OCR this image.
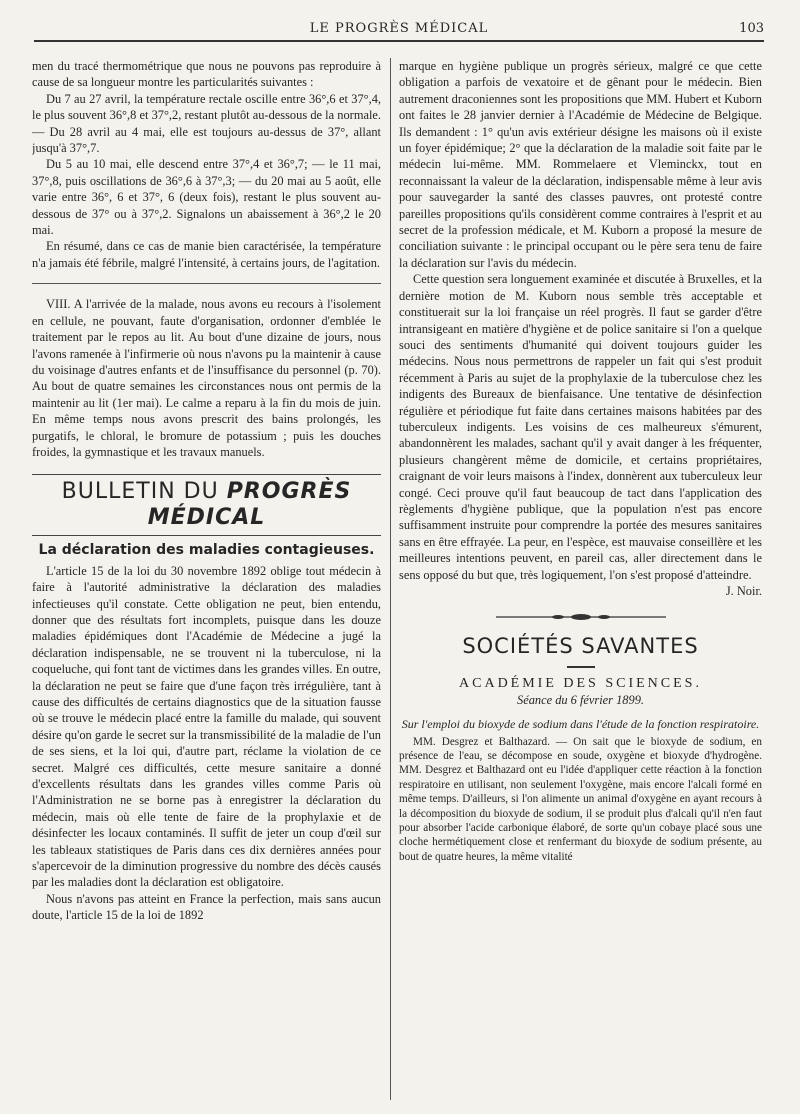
LE PROGRÈS MÉDICAL	103

men du tracé thermométrique que nous ne pouvons pas reproduire à cause de sa longueur montre les particularités suivantes :

Du 7 au 27 avril, la température rectale oscille entre 36°,6 et 37°,4, le plus souvent 36°,8 et 37°,2, restant plutôt au-dessous de la normale. — Du 28 avril au 4 mai, elle est toujours au-dessus de 37°, allant jusqu'à 37°,7.

Du 5 au 10 mai, elle descend entre 37°,4 et 36°,7; — le 11 mai, 37°,8, puis oscillations de 36°,6 à 37°,3; — du 20 mai au 5 août, elle varie entre 36°, 6 et 37°, 6 (deux fois), restant le plus souvent au-dessous de 37° ou à 37°,2. Signalons un abaissement à 36°,2 le 20 mai.

En résumé, dans ce cas de manie bien caractérisée, la température n'a jamais été fébrile, malgré l'intensité, à certains jours, de l'agitation.

VIII. A l'arrivée de la malade, nous avons eu recours à l'isolement en cellule, ne pouvant, faute d'organisation, ordonner d'emblée le traitement par le repos au lit. Au bout d'une dizaine de jours, nous l'avons ramenée à l'infirmerie où nous n'avons pu la maintenir à cause du voisinage d'autres enfants et de l'insuffisance du personnel (p. 70). Au bout de quatre semaines les circonstances nous ont permis de la maintenir au lit (1er mai). Le calme a reparu à la fin du mois de juin. En même temps nous avons prescrit des bains prolongés, les purgatifs, le chloral, le bromure de potassium ; puis les douches froides, la gymnastique et les travaux manuels.

BULLETIN DU PROGRÈS MÉDICAL
La déclaration des maladies contagieuses.

L'article 15 de la loi du 30 novembre 1892 oblige tout médecin à faire à l'autorité administrative la déclaration des maladies infectieuses qu'il constate. Cette obligation ne peut, bien entendu, donner que des résultats fort incomplets, puisque dans les douze maladies épidémiques dont l'Académie de Médecine a jugé la déclaration indispensable, ne se trouvent ni la tuberculose, ni la coqueluche, qui font tant de victimes dans les grandes villes. En outre, la déclaration ne peut se faire que d'une façon très irrégulière, tant à cause des difficultés de certains diagnostics que de la situation fausse où se trouve le médecin placé entre la famille du malade, qui souvent désire qu'on garde le secret sur la transmissibilité de la maladie de l'un de ses siens, et la loi qui, d'autre part, réclame la violation de ce secret. Malgré ces difficultés, cette mesure sanitaire a donné d'excellents résultats dans les grandes villes comme Paris où l'Administration ne se borne pas à enregistrer la déclaration du médecin, mais où elle tente de faire de la prophylaxie et de désinfecter les locaux contaminés. Il suffit de jeter un coup d'œil sur les tableaux statistiques de Paris dans ces dix dernières années pour s'apercevoir de la diminution progressive du nombre des décès causés par les maladies dont la déclaration est obligatoire.

Nous n'avons pas atteint en France la perfection, mais sans aucun doute, l'article 15 de la loi de 1892

marque en hygiène publique un progrès sérieux, malgré ce que cette obligation a parfois de vexatoire et de gênant pour le médecin. Bien autrement draconiennes sont les propositions que MM. Hubert et Kuborn ont faites le 28 janvier dernier à l'Académie de Médecine de Belgique. Ils demandent : 1° qu'un avis extérieur désigne les maisons où il existe un foyer épidémique; 2° que la déclaration de la maladie soit faite par le médecin lui-même. MM. Rommelaere et Vleminckx, tout en reconnaissant la valeur de la déclaration, indispensable même à leur avis pour sauvegarder la santé des classes pauvres, ont protesté contre pareilles propositions qu'ils considèrent comme contraires à l'esprit et au secret de la profession médicale, et M. Kuborn a proposé la mesure de conciliation suivante : le principal occupant ou le père sera tenu de faire la déclaration sur l'avis du médecin.

Cette question sera longuement examinée et discutée à Bruxelles, et la dernière motion de M. Kuborn nous semble très acceptable et constituerait sur la loi française un réel progrès. Il faut se garder d'être intransigeant en matière d'hygiène et de police sanitaire si l'on a quelque souci des sentiments d'humanité qui doivent toujours guider les médecins. Nous nous permettrons de rappeler un fait qui s'est produit récemment à Paris au sujet de la prophylaxie de la tuberculose chez les indigents des Bureaux de bienfaisance. Une tentative de désinfection régulière et périodique fut faite dans certaines maisons habitées par des tuberculeux indigents. Les voisins de ces malheureux s'émurent, abandonnèrent les malades, sachant qu'il y avait danger à les fréquenter, plusieurs changèrent même de domicile, et certains propriétaires, craignant de voir leurs maisons à l'index, donnèrent aux tuberculeux leur congé. Ceci prouve qu'il faut beaucoup de tact dans l'application des règlements d'hygiène publique, que la population n'est pas encore suffisamment instruite pour comprendre la portée des mesures sanitaires sans en être effrayée. La peur, en l'espèce, est mauvaise conseillère et les meilleures intentions peuvent, en pareil cas, aller directement dans le sens opposé du but que, très logiquement, l'on s'est proposé d'atteindre.

J. Noir.
SOCIÉTÉS SAVANTES
ACADÉMIE DES SCIENCES.
Séance du 6 février 1899.
Sur l'emploi du bioxyde de sodium dans l'étude de la fonction respiratoire.

MM. Desgrez et Balthazard. — On sait que le bioxyde de sodium, en présence de l'eau, se décompose en soude, oxygène et bioxyde d'hydrogène. MM. Desgrez et Balthazard ont eu l'idée d'appliquer cette réaction à la fonction respiratoire en utilisant, non seulement l'oxygène, mais encore l'alcali formé en même temps. D'ailleurs, si l'on alimente un animal d'oxygène en ayant recours à la décomposition du bioxyde de sodium, il se produit plus d'alcali qu'il n'en faut pour absorber l'acide carbonique élaboré, de sorte qu'un cobaye placé sous une cloche hermétiquement close et renfermant du bioxyde de sodium présente, au bout de quatre heures, la même vitalité
